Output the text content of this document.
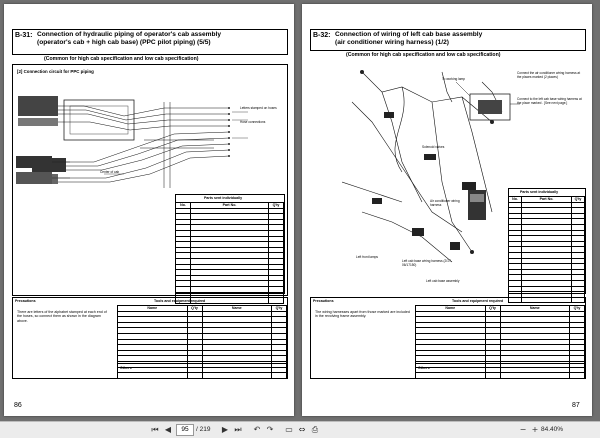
B-31: Connection of hydraulic piping of operator's cab assembly
(operator's cab + high cab base) (PPC pilot piping) (5/5)
(Common for high cab specification and low cab specification)
[2] Connection circuit for PPC piping
Letters stamped on hoses
Hose connections
Center of cab
Parts sent individually
No.	Part No.	Q'ty

Precautions
There are letters of the alphabet stamped at each end of the hoses, so connect them as shown in the diagram above.
Tools and equipment required
Name	Q'ty	Name	Q'ty

Others
86
B-32: Connection of wiring of left cab base assembly
(air conditioner wiring harness) (1/2)
(Common for high cab specification and low cab specification)
Connect the air conditioner wiring harness at the places marked (2 places)
Connect to the left cab base wiring harness at the place marked . [See next page.]
To working lamp
Solenoid valves
Air conditioner wiring harness
Left front lamps
Left cab base wiring harness (2/1T-06/17150)
Left cab base assembly
Parts sent individually
No.	Part No.	Q'ty

Precautions
The wiring harnesses apart from those marked are included in the revolving frame assembly.
Tools and equipment required
Name	Q'ty	Name	Q'ty

Others
87
⏮ ◀	95	/ 219 ▶ ⏭ ↶ ↷ ▭ ⇔ ⎙	− + 84.40%
